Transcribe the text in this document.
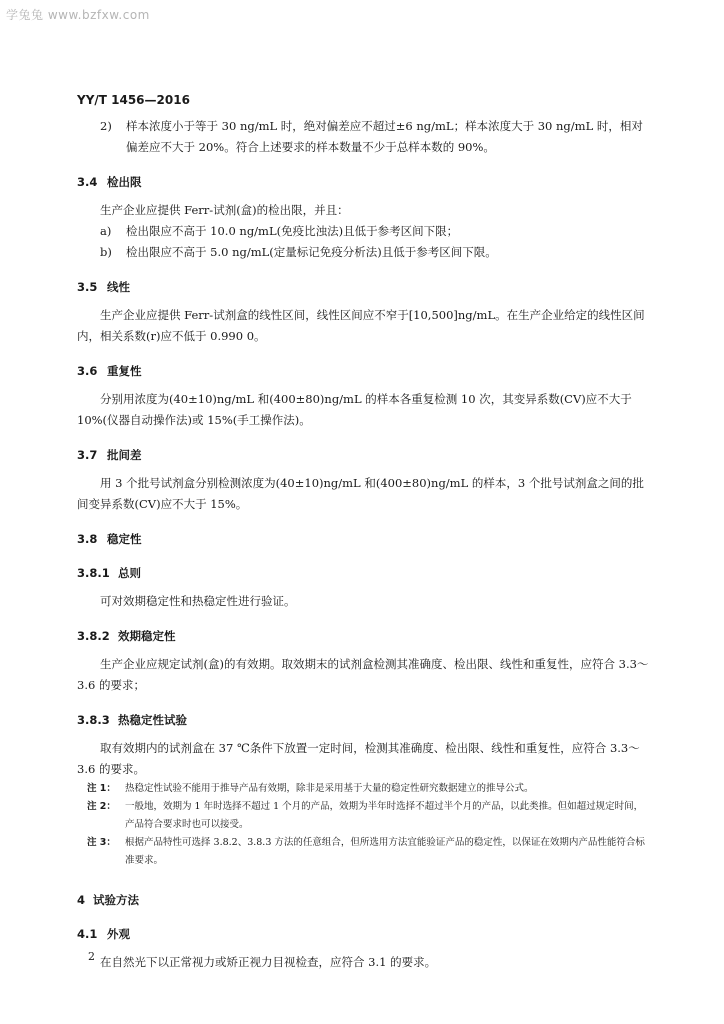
学兔兔 www.bzfxw.com
YY/T 1456—2016
2)	样本浓度小于等于 30 ng/mL 时，绝对偏差应不超过±6 ng/mL；样本浓度大于 30 ng/mL 时，相对偏差应不大于 20%。符合上述要求的样本数量不少于总样本数的 90%。
3.4 检出限

生产企业应提供 Ferr-试剂(盒)的检出限，并且：

a)	检出限应不高于 10.0 ng/mL(免疫比浊法)且低于参考区间下限；
b)	检出限应不高于 5.0 ng/mL(定量标记免疫分析法)且低于参考区间下限。
3.5 线性

生产企业应提供 Ferr-试剂盒的线性区间，线性区间应不窄于[10,500]ng/mL。在生产企业给定的线性区间内，相关系数(r)应不低于 0.990 0。

3.6 重复性

分别用浓度为(40±10)ng/mL 和(400±80)ng/mL 的样本各重复检测 10 次，其变异系数(CV)应不大于 10%(仪器自动操作法)或 15%(手工操作法)。

3.7 批间差

用 3 个批号试剂盒分别检测浓度为(40±10)ng/mL 和(400±80)ng/mL 的样本，3 个批号试剂盒之间的批间变异系数(CV)应不大于 15%。

3.8 稳定性
3.8.1 总则

可对效期稳定性和热稳定性进行验证。

3.8.2 效期稳定性

生产企业应规定试剂(盒)的有效期。取效期末的试剂盒检测其准确度、检出限、线性和重复性，应符合 3.3～3.6 的要求；

3.8.3 热稳定性试验

取有效期内的试剂盒在 37 ℃条件下放置一定时间，检测其准确度、检出限、线性和重复性，应符合 3.3～3.6 的要求。

注 1： 热稳定性试验不能用于推导产品有效期，除非是采用基于大量的稳定性研究数据建立的推导公式。
注 2： 一般地，效期为 1 年时选择不超过 1 个月的产品，效期为半年时选择不超过半个月的产品，以此类推。但如超过规定时间，产品符合要求时也可以接受。
注 3： 根据产品特性可选择 3.8.2、3.8.3 方法的任意组合，但所选用方法宜能验证产品的稳定性，以保证在效期内产品性能符合标准要求。
4 试验方法
4.1 外观

在自然光下以正常视力或矫正视力目视检查，应符合 3.1 的要求。

2
